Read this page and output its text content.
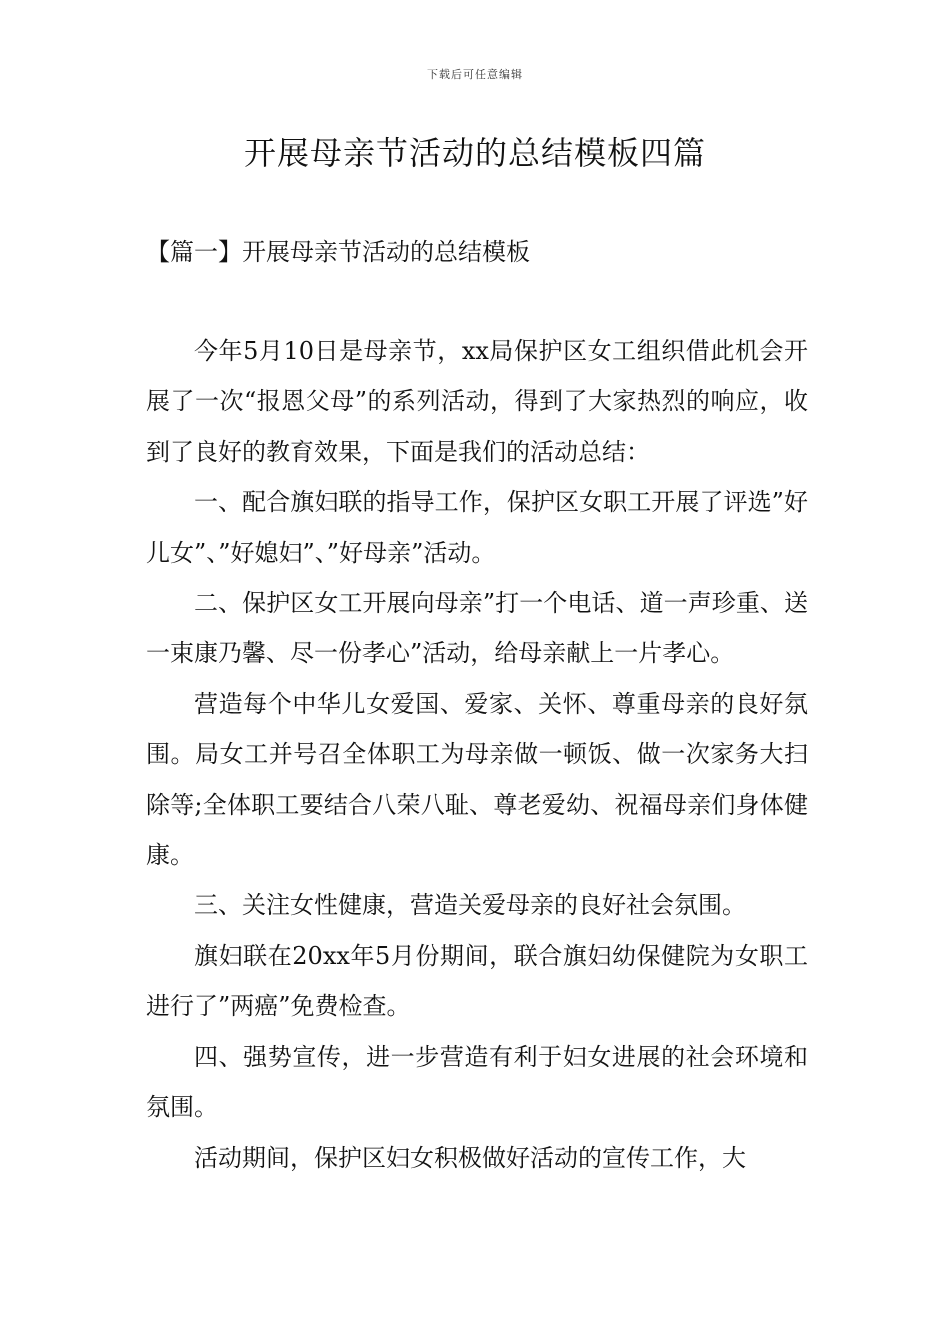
下载后可任意编辑
开展母亲节活动的总结模板四篇
【篇一】开展母亲节活动的总结模板

今年5月10日是母亲节，xx局保护区女工组织借此机会开展了一次“报恩父母”的系列活动，得到了大家热烈的响应，收到了良好的教育效果，下面是我们的活动总结：

一、配合旗妇联的指导工作，保护区女职工开展了评选”好儿女”、”好媳妇”、”好母亲”活动。

二、保护区女工开展向母亲”打一个电话、道一声珍重、送一束康乃馨、尽一份孝心”活动，给母亲献上一片孝心。

营造每个中华儿女爱国、爱家、关怀、尊重母亲的良好氛围。局女工并号召全体职工为母亲做一顿饭、做一次家务大扫除等;全体职工要结合八荣八耻、尊老爱幼、祝福母亲们身体健康。

三、关注女性健康，营造关爱母亲的良好社会氛围。

旗妇联在20xx年5月份期间，联合旗妇幼保健院为女职工进行了”两癌”免费检查。

四、强势宣传，进一步营造有利于妇女进展的社会环境和氛围。

活动期间，保护区妇女积极做好活动的宣传工作，大
